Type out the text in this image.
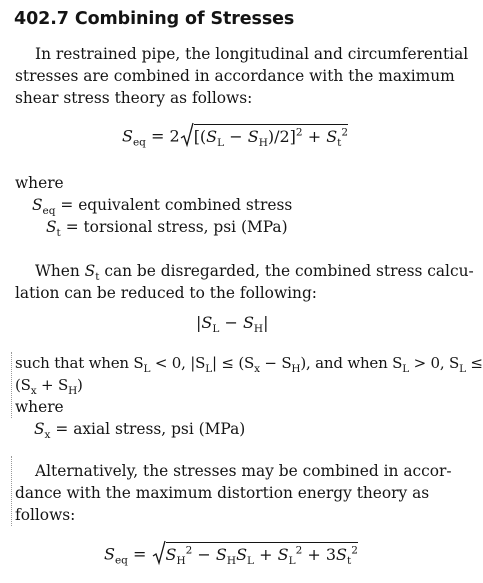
402.7 Combining of Stresses
In restrained pipe, the longitudinal and circumferential
stresses are combined in accordance with the maximum
shear stress theory as follows:
$S_{eq} = 2$ $[(S_L - S_H)/2]^2 + S_t^2$
where
$S_{eq}$ = equivalent combined stress
$S_t$ = torsional stress, psi (MPa)
When $S_t$ can be disregarded, the combined stress calcu-
lation can be reduced to the following:
$|S_L - S_H|$
such that when $S_L < 0$, $|S_L| \le (S_x - S_H)$, and when $S_L > 0$, $S_L$ ≤
$(S_x + S_H)$
where
$S_x$ = axial stress, psi (MPa)
Alternatively, the stresses may be combined in accor-
dance with the maximum distortion energy theory as
follows:
$S_{eq} = S_H^2 - S_HS_L + S_L^2 + 3S_t^2$
